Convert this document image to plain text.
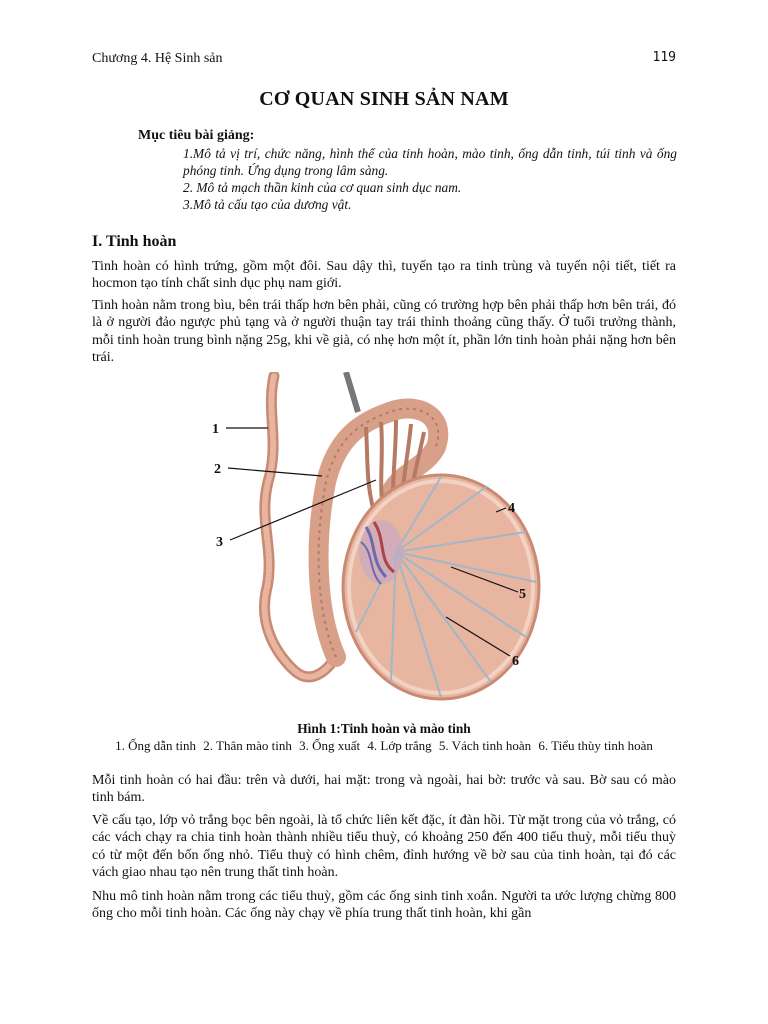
Chương 4. Hệ Sinh sản	119
CƠ QUAN SINH SẢN NAM
Mục tiêu bài giảng:
1.Mô tả vị trí, chức năng, hình thể của tinh hoàn, mào tinh, ống dẫn tinh, túi tinh và ống phóng tinh. Ứng dụng trong lâm sàng.
2. Mô tả mạch thần kinh của cơ quan sinh dục nam.
3.Mô tả cấu tạo của dương vật.
I. Tinh hoàn

Tinh hoàn có hình trứng, gồm một đôi. Sau dậy thì, tuyến tạo ra tinh trùng và tuyến nội tiết, tiết ra hocmon tạo tính chất sinh dục phụ nam giới.

Tinh hoàn nằm trong bìu, bên trái thấp hơn bên phải, cũng có trường hợp bên phải thấp hơn bên trái, đó là ở người đảo ngược phủ tạng và ở người thuận tay trái thỉnh thoảng cũng thấy. Ở tuổi trưởng thành, mỗi tinh hoàn trung bình nặng 25g, khi về già, có nhẹ hơn một ít, phần lớn tinh hoàn phải nặng hơn bên trái.

1
2
3
4
5
6
Hình 1:Tinh hoàn và mào tinh
1. Ống dẫn tinh 2. Thân mào tinh 3. Ống xuất 4. Lớp trắng 5. Vách tinh hoàn 6. Tiểu thùy tinh hoàn

Mỗi tinh hoàn có hai đầu: trên và dưới, hai mặt: trong và ngoài, hai bờ: trước và sau. Bờ sau có mào tinh bám.

Về cấu tạo, lớp vỏ trắng bọc bên ngoài, là tổ chức liên kết đặc, ít đàn hồi. Từ mặt trong của vỏ trắng, có các vách chạy ra chia tinh hoàn thành nhiều tiểu thuỳ, có khoảng 250 đến 400 tiểu thuỳ, mỗi tiểu thuỳ có từ một đến bốn ống nhỏ. Tiểu thuỳ có hình chêm, đỉnh hướng về bờ sau của tinh hoàn, tại đó các vách giao nhau tạo nên trung thất tinh hoàn.

Nhu mô tinh hoàn nằm trong các tiểu thuỳ, gồm các ống sinh tinh xoắn. Người ta ước lượng chừng 800 ống cho mỗi tinh hoàn. Các ống này chạy về phía trung thất tinh hoàn, khi gần
